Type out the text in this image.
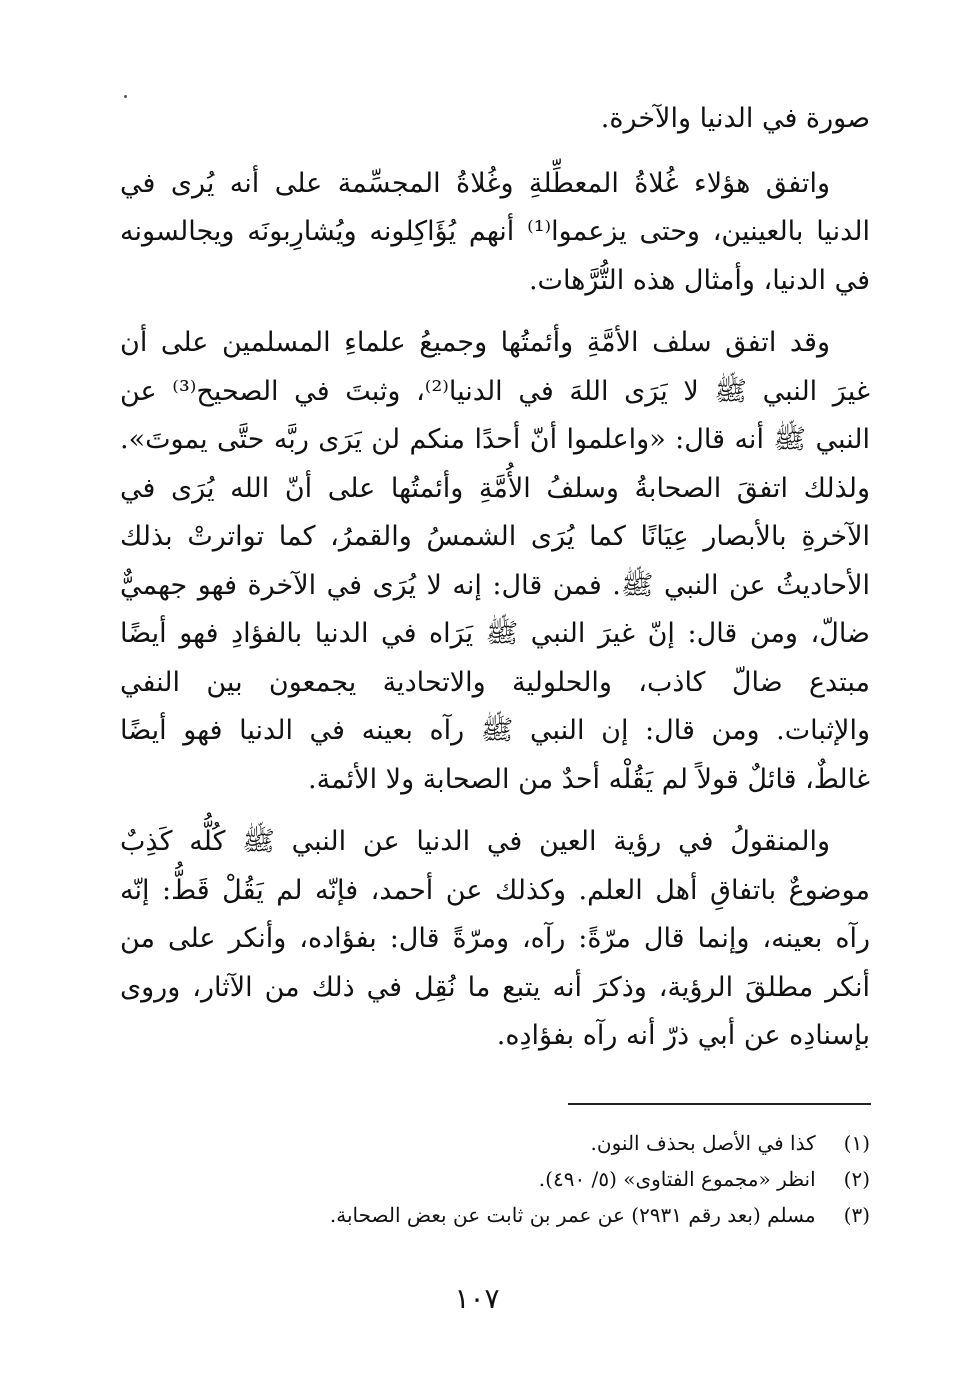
صورة في الدنيا والآخرة.
واتفق هؤلاء غُلاةُ المعطِّلةِ وغُلاةُ المجسِّمة على أنه يُرى في
الدنيا بالعينين، وحتى يزعموا⁽¹⁾ أنهم يُؤَاكِلونه ويُشارِبونَه ويجالسونه
في الدنيا، وأمثال هذه التُّرَّهات.
وقد اتفق سلف الأمَّةِ وأئمتُها وجميعُ علماءِ المسلمين على أن
غيرَ النبي ﷺ لا يَرَى اللهَ في الدنيا⁽²⁾، وثبتَ في الصحيح⁽³⁾ عن
النبي ﷺ أنه قال: «واعلموا أنّ أحدًا منكم لن يَرَى ربَّه حتَّى يموتَ».
ولذلك اتفقَ الصحابةُ وسلفُ الأُمَّةِ وأئمتُها على أنّ الله يُرَى في
الآخرةِ بالأبصار عِيَانًا كما يُرَى الشمسُ والقمرُ، كما تواترتْ بذلك
الأحاديثُ عن النبي ﷺ. فمن قال: إنه لا يُرَى في الآخرة فهو جهميٌّ
ضالّ، ومن قال: إنّ غيرَ النبي ﷺ يَرَاه في الدنيا بالفؤادِ فهو أيضًا
مبتدع ضالّ كاذب، والحلولية والاتحادية يجمعون بين النفي
والإثبات. ومن قال: إن النبي ﷺ رآه بعينه في الدنيا فهو أيضًا
غالطٌ، قائلٌ قولاً لم يَقُلْه أحدٌ من الصحابة ولا الأئمة.
والمنقولُ في رؤية العين في الدنيا عن النبي ﷺ كُلُّه كَذِبٌ
موضوعٌ باتفاقِ أهل العلم. وكذلك عن أحمد، فإنّه لم يَقُلْ قَطُّ: إنّه
رآه بعينه، وإنما قال مرّةً: رآه، ومرّةً قال: بفؤاده، وأنكر على من
أنكر مطلقَ الرؤية، وذكرَ أنه يتبع ما نُقِل في ذلك من الآثار، وروى
بإسنادِه عن أبي ذرّ أنه رآه بفؤادِه.
(١) كذا في الأصل بحذف النون.
(٢) انظر «مجموع الفتاوى» (٥/ ٤٩٠).
(٣) مسلم (بعد رقم ٢٩٣١) عن عمر بن ثابت عن بعض الصحابة.
١٠٧
